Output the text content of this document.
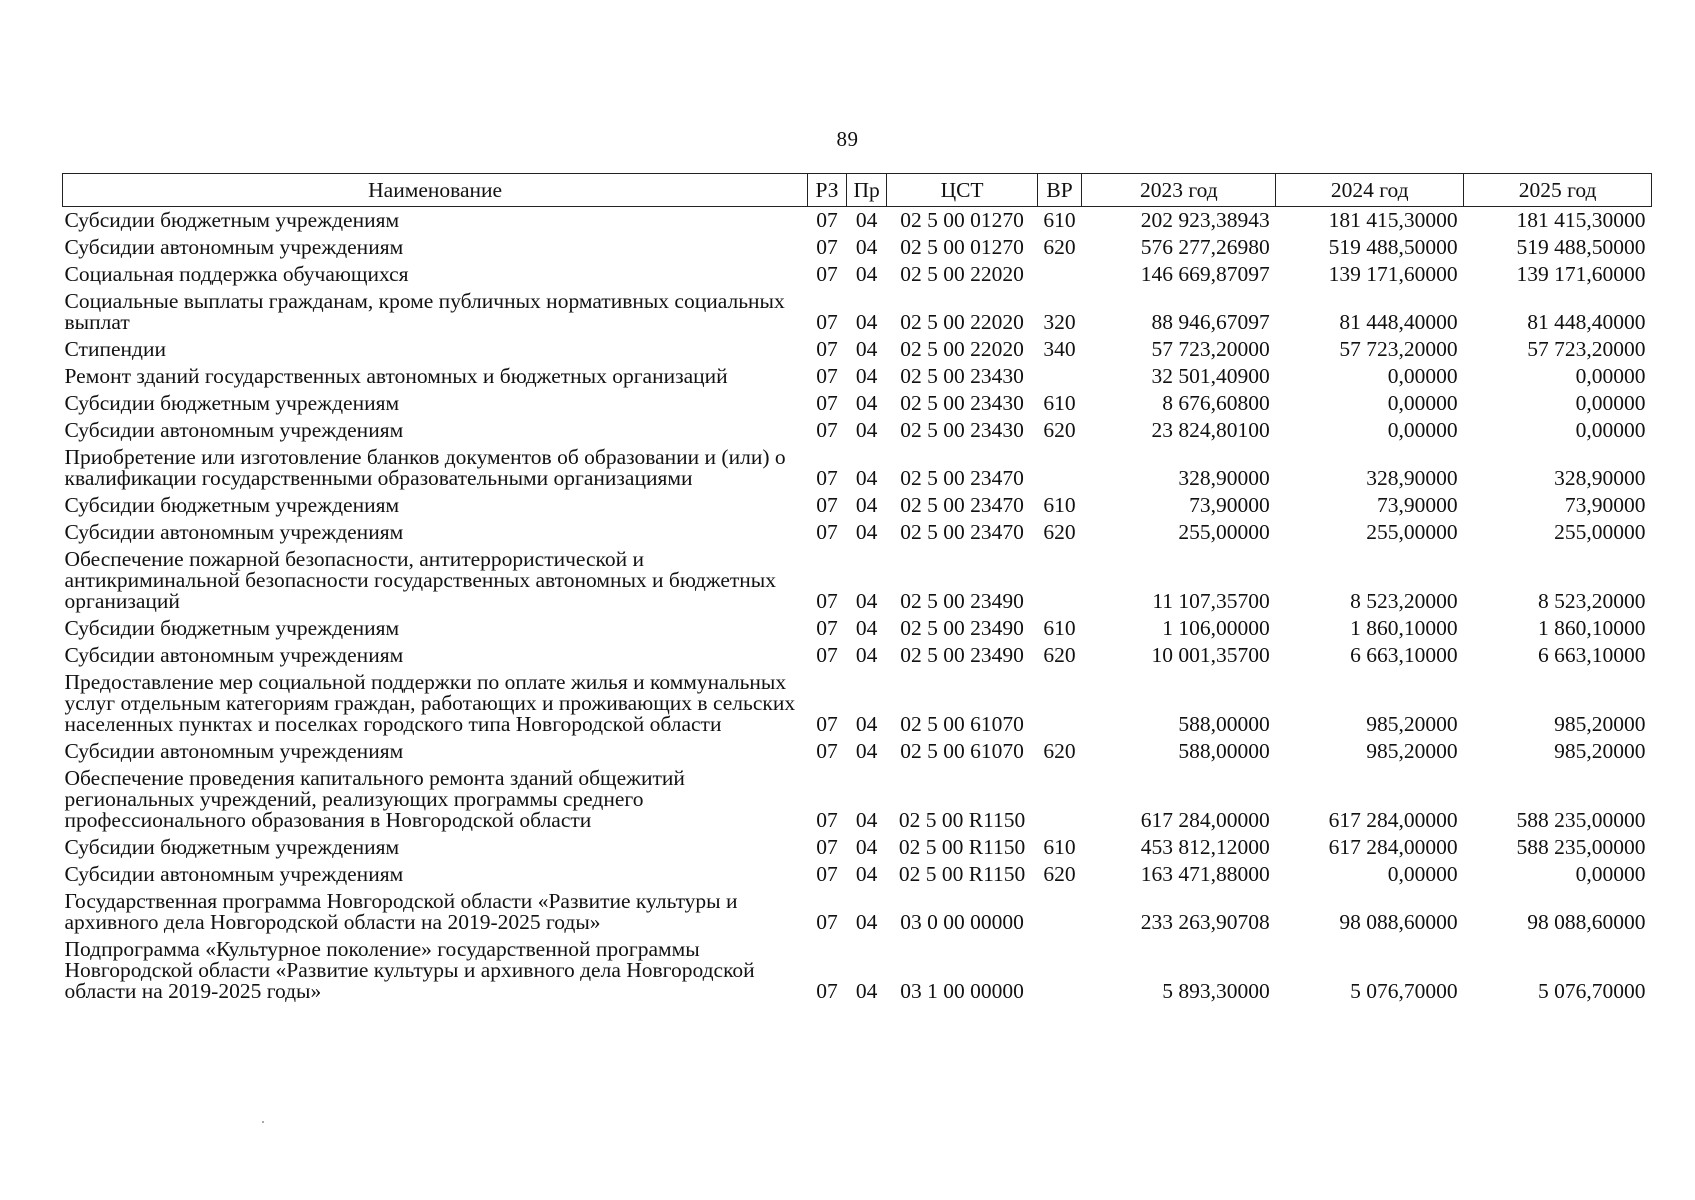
89
Наименование	РЗ	Пр	ЦСТ	ВР	2023 год	2024 год	2025 год
Субсидии бюджетным учреждениям	07	04	02 5 00 01270	610	202 923,38943	181 415,30000	181 415,30000
Субсидии автономным учреждениям	07	04	02 5 00 01270	620	576 277,26980	519 488,50000	519 488,50000
Социальная поддержка обучающихся	07	04	02 5 00 22020		146 669,87097	139 171,60000	139 171,60000
Социальные выплаты гражданам, кроме публичных нормативных социальных выплат	07	04	02 5 00 22020	320	88 946,67097	81 448,40000	81 448,40000
Стипендии	07	04	02 5 00 22020	340	57 723,20000	57 723,20000	57 723,20000
Ремонт зданий государственных автономных и бюджетных организаций	07	04	02 5 00 23430		32 501,40900	0,00000	0,00000
Субсидии бюджетным учреждениям	07	04	02 5 00 23430	610	8 676,60800	0,00000	0,00000
Субсидии автономным учреждениям	07	04	02 5 00 23430	620	23 824,80100	0,00000	0,00000
Приобретение или изготовление бланков документов об образовании и (или) о квалификации государственными образовательными организациями	07	04	02 5 00 23470		328,90000	328,90000	328,90000
Субсидии бюджетным учреждениям	07	04	02 5 00 23470	610	73,90000	73,90000	73,90000
Субсидии автономным учреждениям	07	04	02 5 00 23470	620	255,00000	255,00000	255,00000
Обеспечение пожарной безопасности, антитеррористической и антикриминальной безопасности государственных автономных и бюджетных организаций	07	04	02 5 00 23490		11 107,35700	8 523,20000	8 523,20000
Субсидии бюджетным учреждениям	07	04	02 5 00 23490	610	1 106,00000	1 860,10000	1 860,10000
Субсидии автономным учреждениям	07	04	02 5 00 23490	620	10 001,35700	6 663,10000	6 663,10000
Предоставление мер социальной поддержки по оплате жилья и коммунальных услуг отдельным категориям граждан, работающих и проживающих в сельских населенных пунктах и поселках городского типа Новгородской области	07	04	02 5 00 61070		588,00000	985,20000	985,20000
Субсидии автономным учреждениям	07	04	02 5 00 61070	620	588,00000	985,20000	985,20000
Обеспечение проведения капитального ремонта зданий общежитий региональных учреждений, реализующих программы среднего профессионального образования в Новгородской области	07	04	02 5 00 R1150		617 284,00000	617 284,00000	588 235,00000
Субсидии бюджетным учреждениям	07	04	02 5 00 R1150	610	453 812,12000	617 284,00000	588 235,00000
Субсидии автономным учреждениям	07	04	02 5 00 R1150	620	163 471,88000	0,00000	0,00000
Государственная программа Новгородской области «Развитие культуры и архивного дела Новгородской области на 2019-2025 годы»	07	04	03 0 00 00000		233 263,90708	98 088,60000	98 088,60000
Подпрограмма «Культурное поколение» государственной программы Новгородской области «Развитие культуры и архивного дела Новгородской области на 2019-2025 годы»	07	04	03 1 00 00000		5 893,30000	5 076,70000	5 076,70000
